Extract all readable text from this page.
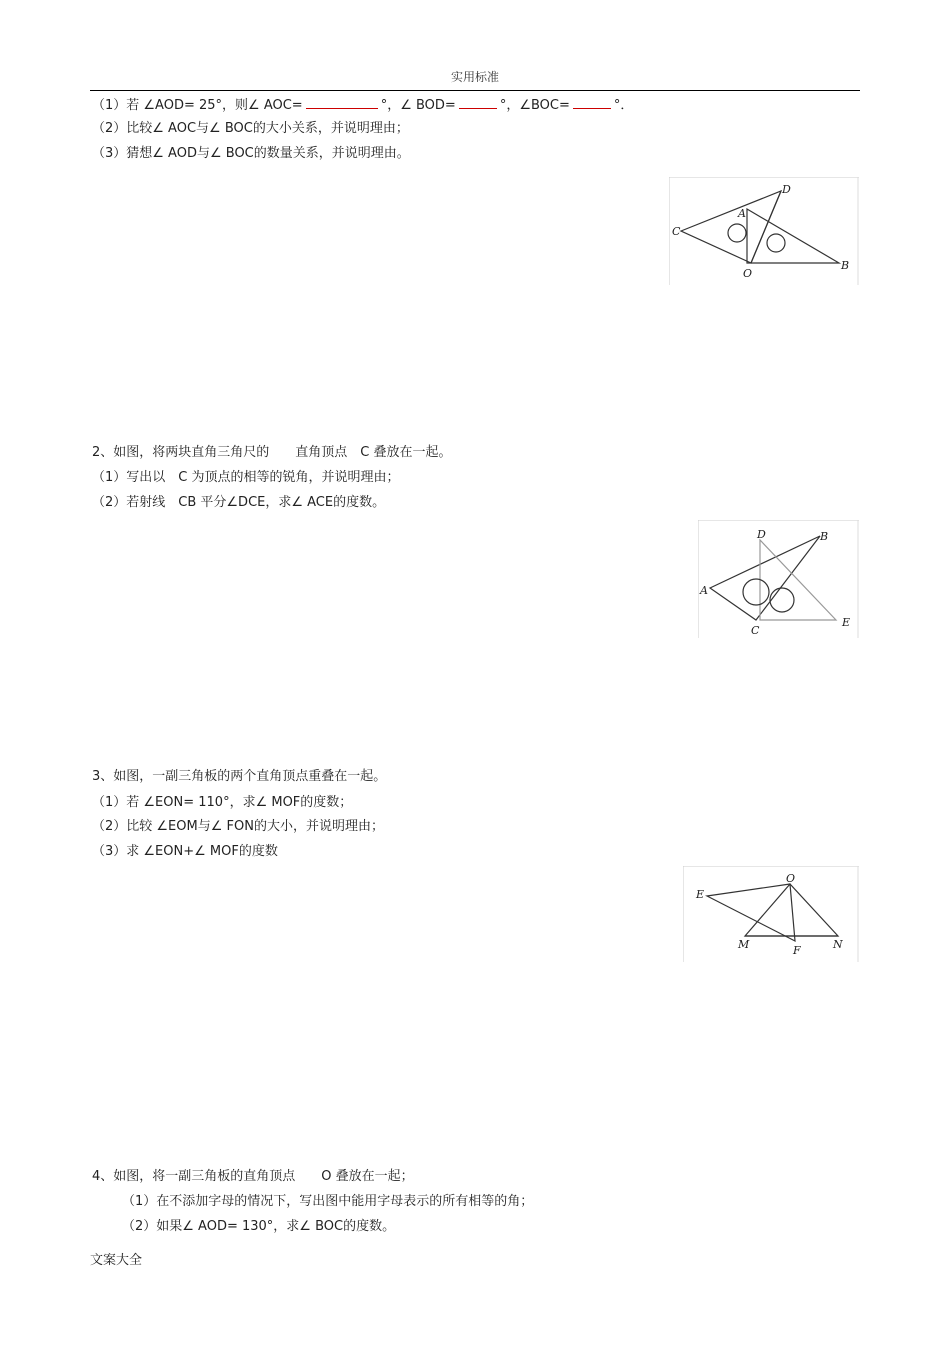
实用标准
（1）若 ∠AOD= 25°，则∠ AOC=	°，∠ BOD=	°，∠BOC=	°．
（2）比较∠ AOC与∠ BOC的大小关系，并说明理由；
（3）猜想∠ AOD与∠ BOC的数量关系，并说明理由。
C
A
D
O
B
2、如图，将两块直角三角尺的　　直角顶点　C 叠放在一起。
（1）写出以　C 为顶点的相等的锐角，并说明理由；
（2）若射线　CB 平分∠DCE，求∠ ACE的度数。
D	B
A
C
E
3、如图，一副三角板的两个直角顶点重叠在一起。
（1）若 ∠EON= 110°，求∠ MOF的度数；
（2）比较 ∠EOM与∠ FON的大小，并说明理由；
（3）求 ∠EON+∠ MOF的度数
O
E
M	F	N
4、如图，将一副三角板的直角顶点　　O 叠放在一起；
（1）在不添加字母的情况下，写出图中能用字母表示的所有相等的角；
（2）如果∠ AOD= 130°，求∠ BOC的度数。
文案大全
